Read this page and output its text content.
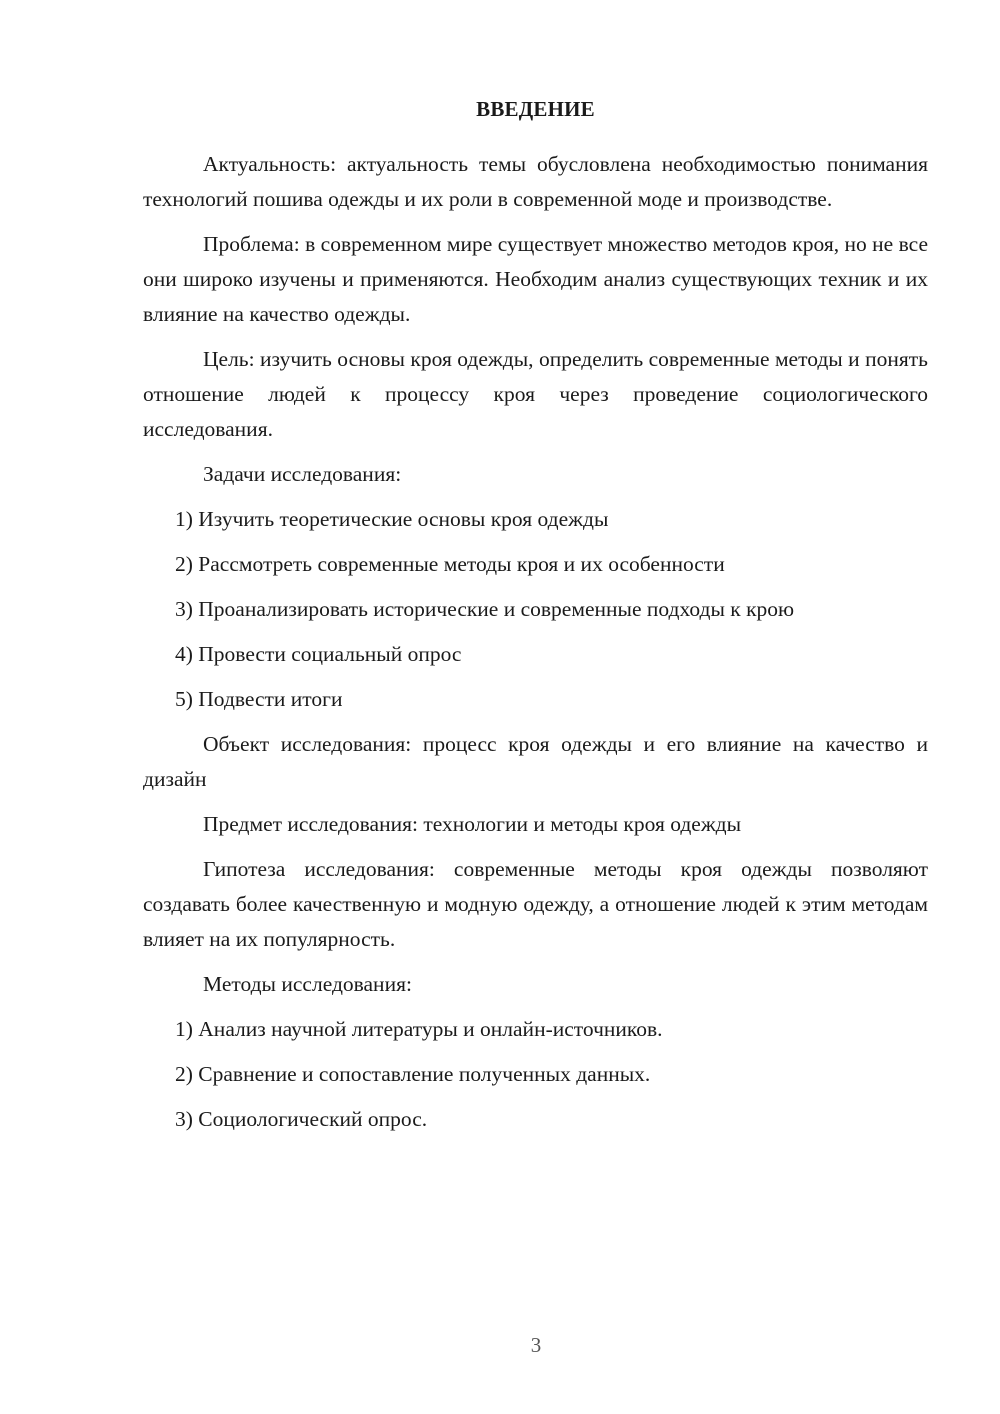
ВВЕДЕНИЕ

Актуальность: актуальность темы обусловлена необходимостью понимания технологий пошива одежды и их роли в современной моде и производстве.

Проблема: в современном мире существует множество методов кроя, но не все они широко изучены и применяются. Необходим анализ существующих техник и их влияние на качество одежды.

Цель: изучить основы кроя одежды, определить современные методы и понять отношение людей к процессу кроя через проведение социологического исследования.

Задачи исследования:

1) Изучить теоретические основы кроя одежды
2) Рассмотреть современные методы кроя и их особенности
3) Проанализировать исторические и современные подходы к крою
4) Провести социальный опрос
5) Подвести итоги

Объект исследования: процесс кроя одежды и его влияние на качество и дизайн

Предмет исследования: технологии и методы кроя одежды

Гипотеза исследования: современные методы кроя одежды позволяют создавать более качественную и модную одежду, а отношение людей к этим методам влияет на их популярность.

Методы исследования:

1) Анализ научной литературы и онлайн-источников.
2) Сравнение и сопоставление полученных данных.
3) Социологический опрос.
3
